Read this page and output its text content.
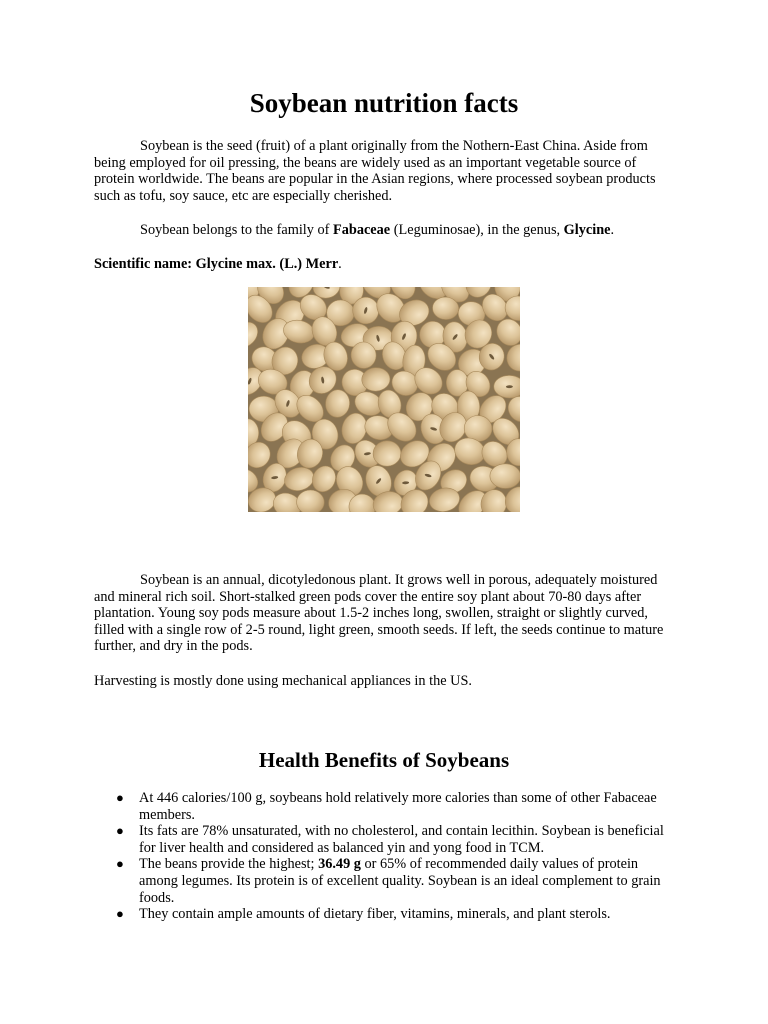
Soybean nutrition facts

Soybean is the seed (fruit) of a plant originally from the Nothern-East China. Aside from being employed for oil pressing, the beans are widely used as an important vegetable source of protein worldwide. The beans are popular in the Asian regions, where processed soybean products such as tofu, soy sauce, etc are especially cherished.

Soybean belongs to the family of Fabaceae (Leguminosae), in the genus, Glycine.

Scientific name: Glycine max. (L.) Merr.

Soybean is an annual, dicotyledonous plant. It grows well in porous, adequately moistured and mineral rich soil. Short-stalked green pods cover the entire soy plant about 70-80 days after plantation. Young soy pods measure about 1.5-2 inches long, swollen, straight or slightly curved, filled with a single row of 2-5 round, light green, smooth seeds. If left, the seeds continue to mature further, and dry in the pods.

Harvesting is mostly done using mechanical appliances in the US.

Health Benefits of Soybeans
● At 446 calories/100 g, soybeans hold relatively more calories than some of other Fabaceae members.
● Its fats are 78% unsaturated, with no cholesterol, and contain lecithin. Soybean is beneficial for liver health and considered as balanced yin and yong food in TCM.
● The beans provide the highest; 36.49 g or 65% of recommended daily values of protein among legumes. Its protein is of excellent quality. Soybean is an ideal complement to grain foods.
● They contain ample amounts of dietary fiber, vitamins, minerals, and plant sterols.
